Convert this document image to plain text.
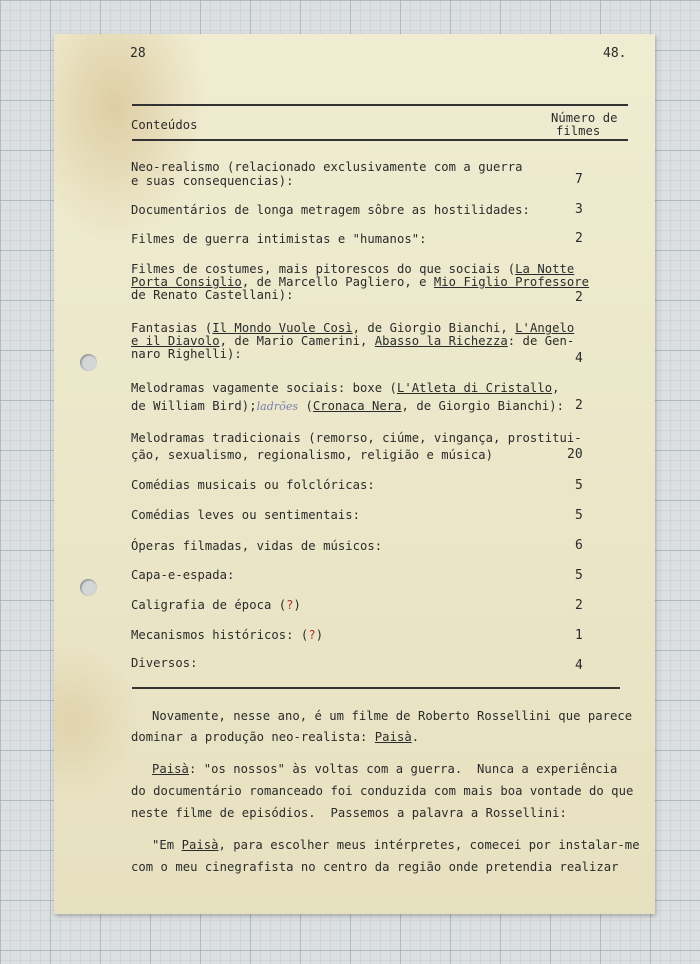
28	48.
Conteúdos	Número de
filmes
Neo-realismo (relacionado exclusivamente com a guerra
e suas consequencias):	7
Documentários de longa metragem sôbre as hostilidades:	3
Filmes de guerra intimistas e "humanos":	2
Filmes de costumes, mais pitorescos do que sociais (La Notte
Porta Consiglio, de Marcello Pagliero, e Mio Figlio Professore
de Renato Castellani):	2
Fantasias (Il Mondo Vuole Così, de Giorgio Bianchi, L'Angelo
e il Diavolo, de Mario Camerini, Abasso la Richezza: de Gen-
naro Righelli):	4
Melodramas vagamente sociais: boxe (L'Atleta di Cristallo,
de William Bird);ladrões (Cronaca Nera, de Giorgio Bianchi): 2
Melodramas tradicionais (remorso, ciúme, vingança, prostitui-
ção, sexualismo, regionalismo, religião e música)	20
Comédias musicais ou folclóricas:	5
Comédias leves ou sentimentais:	5
Óperas filmadas, vidas de músicos:	6
Capa-e-espada:	5
Caligrafia de época (?)	2
Mecanismos históricos: (?)	1
Diversos:	4
Novamente, nesse ano, é um filme de Roberto Rossellini que parece
dominar a produção neo-realista: Paisà.
Paisà: "os nossos" às voltas com a guerra.  Nunca a experiência
do documentário romanceado foi conduzida com mais boa vontade do que
neste filme de episódios.  Passemos a palavra a Rossellini:
"Em Paisà, para escolher meus intérpretes, comecei por instalar-me
com o meu cinegrafista no centro da região onde pretendia realizar
